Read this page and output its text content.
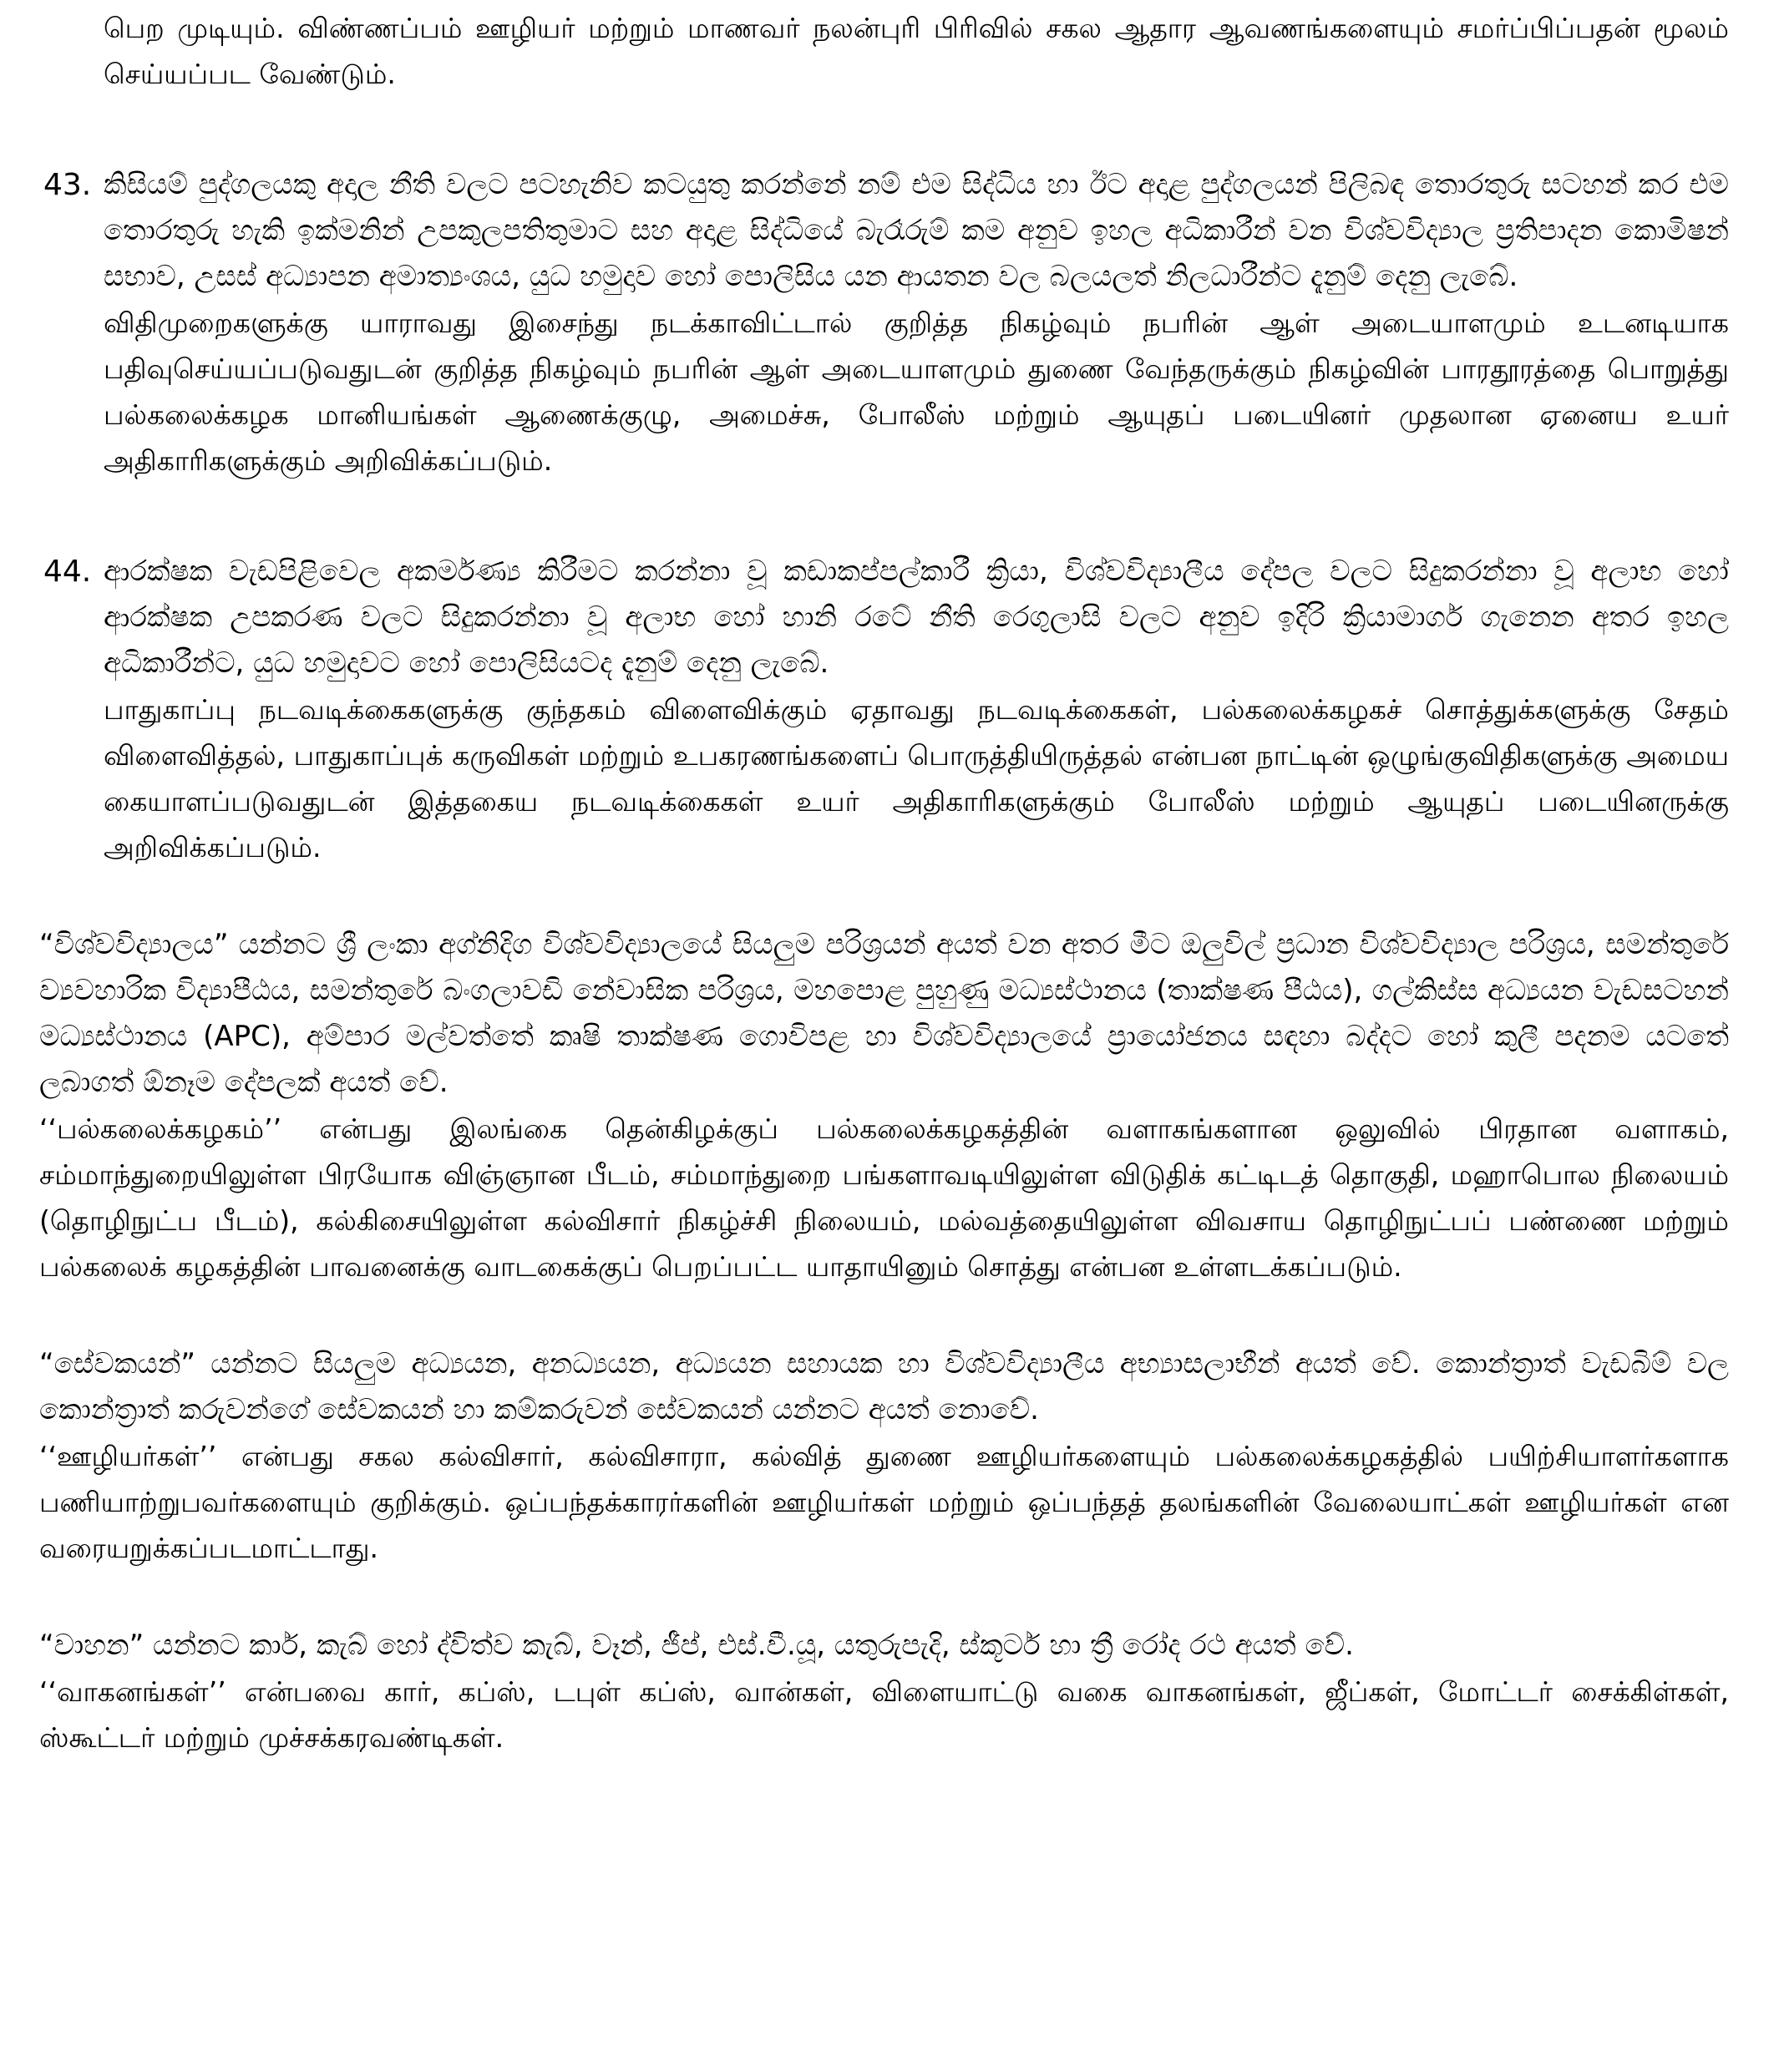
பெற முடியும். விண்ணப்பம் ஊழியர் மற்றும் மாணவர் நலன்புரி பிரிவில் சகல ஆதார ஆவணங்களையும் சமர்ப்பிப்பதன் மூலம் செய்யப்பட வேண்டும்.

43. කිසියම් පුද්ගලයකු අදාල නීති වලට පටහැනිව කටයුතු කරන්නේ නම් එම සිද්ධිය හා ඊට අදාළ පුද්ගලයන් පිලිබඳ තොරතුරු සටහන් කර එම තොරතුරු හැකි ඉක්මනින් උපකුලපතිතුමාට සහ අදාළ සිද්ධියේ බැරෑරුම් කම අනුව ඉහල අධිකාරීන් වන විශ්වවිද්‍යාල ප්‍රතිපාදන කොමිෂන් සභාව, උසස් අධ්‍යාපන අමාත්‍යංශය, යුධ හමුදාව හෝ පොලිසිය යන ආයතන වල බලයලත් නිලධාරීන්ට දැනුම් දෙනු ලැබේ.

விதிமுறைகளுக்கு யாராவது இசைந்து நடக்காவிட்டால் குறித்த நிகழ்வும் நபரின் ஆள் அடையாளமும் உடனடியாக பதிவுசெய்யப்படுவதுடன் குறித்த நிகழ்வும் நபரின் ஆள் அடையாளமும் துணை வேந்தருக்கும் நிகழ்வின் பாரதூரத்தை பொறுத்து பல்கலைக்கழக மானியங்கள் ஆணைக்குழு, அமைச்சு, போலீஸ் மற்றும் ஆயுதப் படையினர் முதலான ஏனைய உயர் அதிகாரிகளுக்கும் அறிவிக்கப்படும்.

44. ආරක්ෂක වැඩපිළිවෙල අකර්මණ්‍ය කිරීමට කරන්නා වූ කඩාකප්පල්කාරී ක්‍රියා, විශ්වවිද්‍යාලීය දේපල වලට සිදුකරන්නා වූ අලාභ හෝ ආරක්ෂක උපකරණ වලට සිදුකරන්නා වූ අලාභ හෝ හානි රටේ නීති රෙගුලාසි වලට අනුව ඉදිරි ක්‍රියාමාර්ග ගැනෙන අතර ඉහල අධිකාරීන්ට, යුධ හමුදාවට හෝ පොලිසියටද දැනුම් දෙනු ලැබේ.

பாதுகாப்பு நடவடிக்கைகளுக்கு குந்தகம் விளைவிக்கும் ஏதாவது நடவடிக்கைகள், பல்கலைக்கழகச் சொத்துக்களுக்கு சேதம் விளைவித்தல், பாதுகாப்புக் கருவிகள் மற்றும் உபகரணங்களைப் பொருத்தியிருத்தல் என்பன நாட்டின் ஒழுங்குவிதிகளுக்கு அமைய கையாளப்படுவதுடன் இத்தகைய நடவடிக்கைகள் உயர் அதிகாரிகளுக்கும் போலீஸ் மற்றும் ஆயுதப் படையினருக்கு அறிவிக்கப்படும்.

“විශ්වවිද්‍යාලය” යන්නට ශ්‍රී ලංකා අග්නිදිග විශ්වවිද්‍යාලයේ සියලුම පරිශ්‍රයන් අයත් වන අතර මීට ඔලුවිල් ප්‍රධාන විශ්වවිද්‍යාල පරිශ්‍රය, සමන්තුරේ ව්‍යවහාරික විද්‍යාපීඨය, සමන්තුරේ බංගලාවඩි නේවාසික පරිශ්‍රය, මහපොළ පුහුණු මධ්‍යස්ථානය (තාක්ෂණ පීඨය), ගල්කිස්ස අධ්‍යයන වැඩසටහන් මධ්‍යස්ථානය (APC), අම්පාර මල්වත්තේ කෘෂි තාක්ෂණ ගොවිපළ හා විශ්වවිද්‍යාලයේ ප්‍රායෝජනය සඳහා බද්දට හෝ කුලී පදනම යටතේ ලබාගත් ඕනෑම දේපලක් අයත් වේ.

‘‘பல்கலைக்கழகம்’’ என்பது இலங்கை தென்கிழக்குப் பல்கலைக்கழகத்தின் வளாகங்களான ஒலுவில் பிரதான வளாகம், சம்மாந்துறையிலுள்ள பிரயோக விஞ்ஞான பீடம், சம்மாந்துறை பங்களாவடியிலுள்ள விடுதிக் கட்டிடத் தொகுதி, மஹாபொல நிலையம் (தொழிநுட்ப பீடம்), கல்கிசையிலுள்ள கல்விசார் நிகழ்ச்சி நிலையம், மல்வத்தையிலுள்ள விவசாய தொழிநுட்பப் பண்ணை மற்றும் பல்கலைக் கழகத்தின் பாவனைக்கு வாடகைக்குப் பெறப்பட்ட யாதாயினும் சொத்து என்பன உள்ளடக்கப்படும்.

“සේවකයන්” යන්නට සියලුම අධ්‍යයන, අනධ්‍යයන, අධ්‍යයන සහායක හා විශ්වවිද්‍යාලීය අභ්‍යාසලාභීන් අයත් වේ. කොන්ත්‍රාත් වැඩබිම් වල කොන්ත්‍රාත් කරුවන්ගේ සේවකයන් හා කම්කරුවන් සේවකයන් යන්නට අයත් නොවේ.

‘‘ஊழியர்கள்’’ என்பது சகல கல்விசார், கல்விசாரா, கல்வித் துணை ஊழியர்களையும் பல்கலைக்கழகத்தில் பயிற்சியாளர்களாக பணியாற்றுபவர்களையும் குறிக்கும். ஒப்பந்தக்காரர்களின் ஊழியர்கள் மற்றும் ஒப்பந்தத் தலங்களின் வேலையாட்கள் ஊழியர்கள் என வரையறுக்கப்படமாட்டாது.

“වාහන” යන්නට කාර්, කැබ් හෝ ද්විත්ව කැබ්, වෑන්, ජීප්, එස්.වී.යූ, යතුරුපැදි, ස්කූටර් හා ත්‍රී රෝද රථ අයත් වේ.

‘‘வாகனங்கள்’’ என்பவை கார், கப்ஸ், டபுள் கப்ஸ், வான்கள், விளையாட்டு வகை வாகனங்கள், ஜீப்கள், மோட்டர் சைக்கிள்கள், ஸ்கூட்டர் மற்றும் முச்சக்கரவண்டிகள்.
